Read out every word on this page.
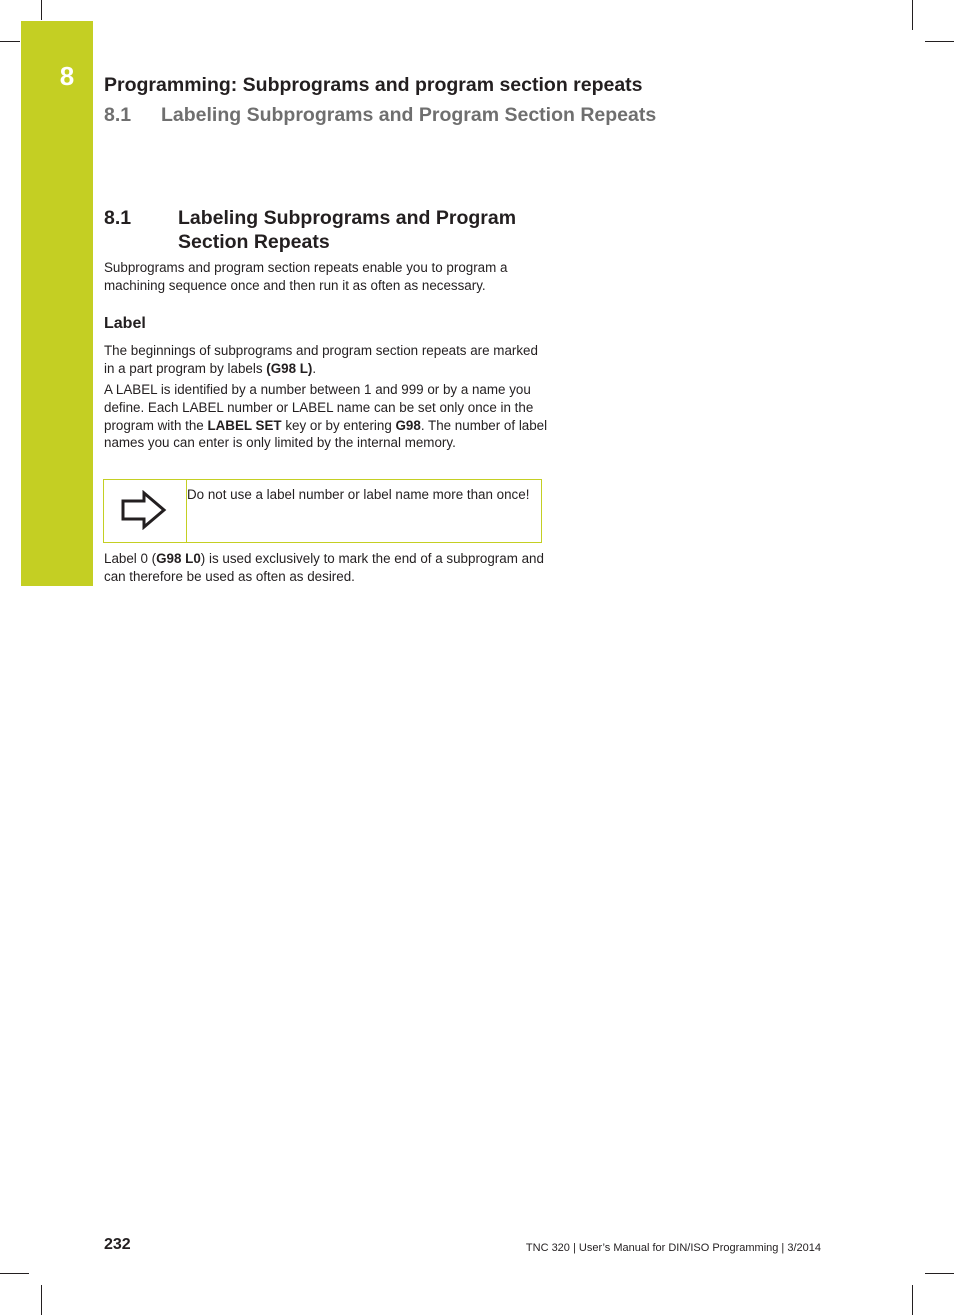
8	Programming: Subprograms and program section repeats
8.1 Labeling Subprograms and Program Section Repeats
8.1 Labeling Subprograms and Program Section Repeats
Subprograms and program section repeats enable you to program a machining sequence once and then run it as often as necessary.
Label
The beginnings of subprograms and program section repeats are marked in a part program by labels (G98 L).
A LABEL is identified by a number between 1 and 999 or by a name you define. Each LABEL number or LABEL name can be set only once in the program with the LABEL SET key or by entering G98. The number of label names you can enter is only limited by the internal memory.
Do not use a label number or label name more than once!
Label 0 (G98 L0) is used exclusively to mark the end of a subprogram and can therefore be used as often as desired.
232	TNC 320 | User’s Manual for DIN/ISO Programming | 3/2014
